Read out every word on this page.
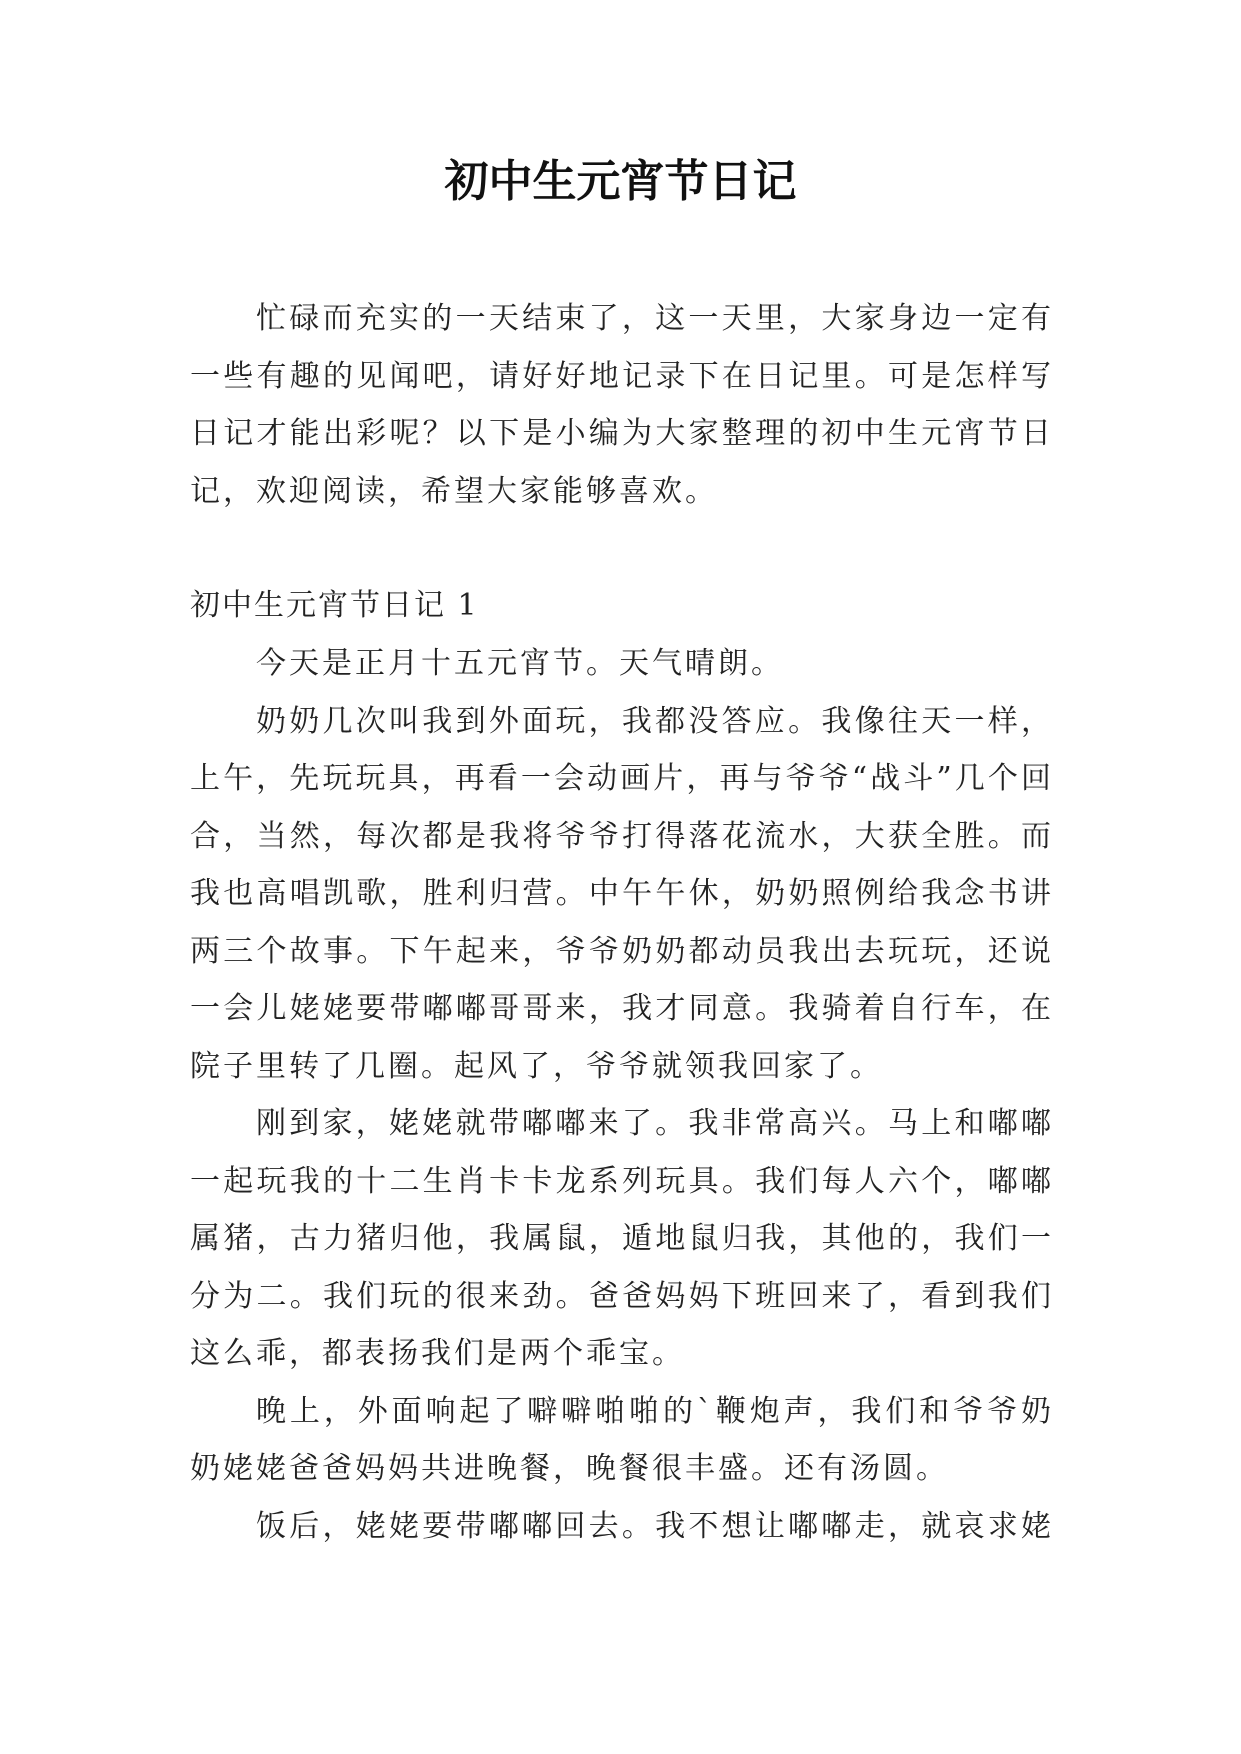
初中生元宵节日记

忙碌而充实的一天结束了，这一天里，大家身边一定有一些有趣的见闻吧，请好好地记录下在日记里。可是怎样写日记才能出彩呢？以下是小编为大家整理的初中生元宵节日记，欢迎阅读，希望大家能够喜欢。

初中生元宵节日记 1

今天是正月十五元宵节。天气晴朗。

奶奶几次叫我到外面玩，我都没答应。我像往天一样，上午，先玩玩具，再看一会动画片，再与爷爷“战斗”几个回合，当然，每次都是我将爷爷打得落花流水，大获全胜。而我也高唱凯歌，胜利归营。中午午休，奶奶照例给我念书讲两三个故事。下午起来，爷爷奶奶都动员我出去玩玩，还说一会儿姥姥要带嘟嘟哥哥来，我才同意。我骑着自行车，在院子里转了几圈。起风了，爷爷就领我回家了。

刚到家，姥姥就带嘟嘟来了。我非常高兴。马上和嘟嘟一起玩我的十二生肖卡卡龙系列玩具。我们每人六个，嘟嘟属猪，古力猪归他，我属鼠，遁地鼠归我，其他的，我们一分为二。我们玩的很来劲。爸爸妈妈下班回来了，看到我们这么乖，都表扬我们是两个乖宝。

晚上，外面响起了噼噼啪啪的`鞭炮声，我们和爷爷奶奶姥姥爸爸妈妈共进晚餐，晚餐很丰盛。还有汤圆。

饭后，姥姥要带嘟嘟回去。我不想让嘟嘟走，就哀求姥
